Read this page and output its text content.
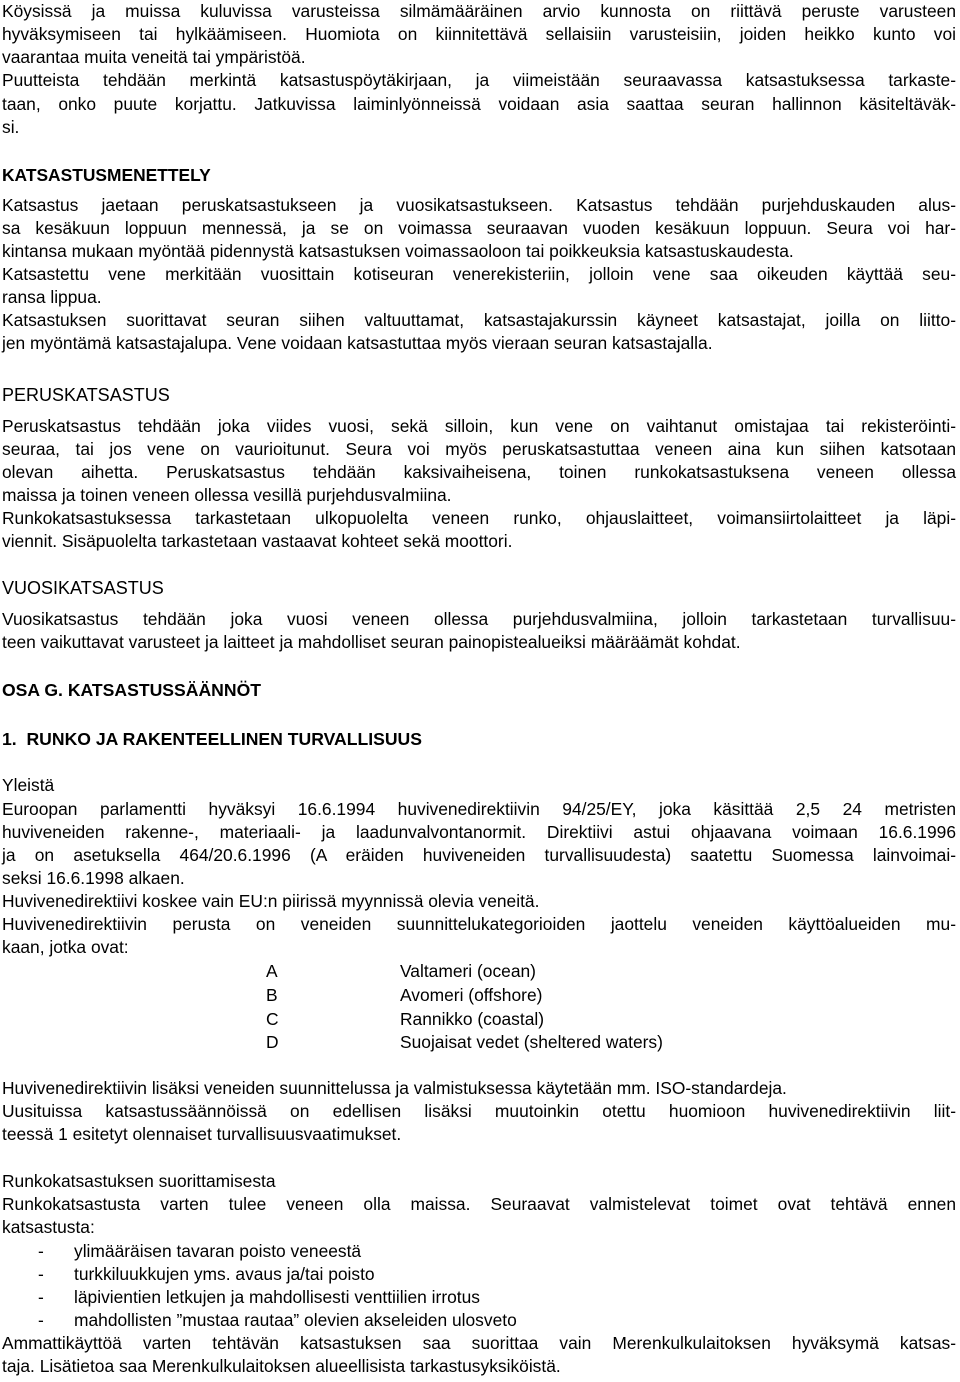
Köysissä ja muissa kuluvissa varusteissa silmämääräinen arvio kunnosta on riittävä peruste varusteen
hyväksymiseen tai hylkäämiseen. Huomiota on kiinnitettävä sellaisiin varusteisiin, joiden heikko kunto voi
vaarantaa muita veneitä tai ympäristöä.
Puutteista tehdään merkintä katsastuspöytäkirjaan, ja viimeistään seuraavassa katsastuksessa tarkaste-
taan, onko puute korjattu. Jatkuvissa laiminlyönneissä voidaan asia saattaa seuran hallinnon käsiteltäväk-
si.
KATSASTUSMENETTELY
Katsastus jaetaan peruskatsastukseen ja vuosikatsastukseen. Katsastus tehdään purjehduskauden alus-
sa kesäkuun loppuun mennessä, ja se on voimassa seuraavan vuoden kesäkuun loppuun. Seura voi har-
kintansa mukaan myöntää pidennystä katsastuksen voimassaoloon tai poikkeuksia katsastuskaudesta.
Katsastettu vene merkitään vuosittain kotiseuran venerekisteriin, jolloin vene saa oikeuden käyttää seu-
ransa lippua.
Katsastuksen suorittavat seuran siihen valtuuttamat, katsastajakurssin käyneet katsastajat, joilla on liitto-
jen myöntämä katsastajalupa. Vene voidaan katsastuttaa myös vieraan seuran katsastajalla.
PERUSKATSASTUS
Peruskatsastus tehdään joka viides vuosi, sekä silloin, kun vene on vaihtanut omistajaa tai rekisteröinti-
seuraa, tai jos vene on vaurioitunut. Seura voi myös peruskatsastuttaa veneen aina kun siihen katsotaan
olevan aihetta. Peruskatsastus tehdään kaksivaiheisena, toinen runkokatsastuksena veneen ollessa
maissa ja toinen veneen ollessa vesillä purjehdusvalmiina.
Runkokatsastuksessa tarkastetaan ulkopuolelta veneen runko, ohjauslaitteet, voimansiirtolaitteet ja läpi-
viennit. Sisäpuolelta tarkastetaan vastaavat kohteet sekä moottori.
VUOSIKATSASTUS
Vuosikatsastus tehdään joka vuosi veneen ollessa purjehdusvalmiina, jolloin tarkastetaan turvallisuu-
teen vaikuttavat varusteet ja laitteet ja mahdolliset seuran painopistealueiksi määräämät kohdat.
OSA G. KATSASTUSSÄÄNNÖT
1.  RUNKO JA RAKENTEELLINEN TURVALLISUUS
Yleistä
Euroopan parlamentti hyväksyi 16.6.1994 huvivenedirektiivin 94/25/EY, joka käsittää 2,5 24 metristen
huviveneiden rakenne-, materiaali- ja laadunvalvontanormit. Direktiivi astui ohjaavana voimaan 16.6.1996
ja on asetuksella 464/20.6.1996 (A eräiden huviveneiden turvallisuudesta) saatettu Suomessa lainvoimai-
seksi 16.6.1998 alkaen.
Huvivenedirektiivi koskee vain EU:n piirissä myynnissä olevia veneitä.
Huvivenedirektiivin perusta on veneiden suunnittelukategorioiden jaottelu veneiden käyttöalueiden mu-
kaan, jotka ovat:
A	Valtameri (ocean)
B	Avomeri (offshore)
C	Rannikko (coastal)
D	Suojaisat vedet (sheltered waters)
Huvivenedirektiivin lisäksi veneiden suunnittelussa ja valmistuksessa käytetään mm. ISO-standardeja.
Uusituissa katsastussäännöissä on edellisen lisäksi muutoinkin otettu huomioon huvivenedirektiivin liit-
teessä 1 esitetyt olennaiset turvallisuusvaatimukset.
Runkokatsastuksen suorittamisesta
Runkokatsastusta varten tulee veneen olla maissa. Seuraavat valmistelevat toimet ovat tehtävä ennen
katsastusta:
- ylimääräisen tavaran poisto veneestä
- turkkiluukkujen yms. avaus ja/tai poisto
- läpivientien letkujen ja mahdollisesti venttiilien irrotus
- mahdollisten ”mustaa rautaa” olevien akseleiden ulosveto
Ammattikäyttöä varten tehtävän katsastuksen saa suorittaa vain Merenkulkulaitoksen hyväksymä katsas-
taja. Lisätietoa saa Merenkulkulaitoksen alueellisista tarkastusyksiköistä.
